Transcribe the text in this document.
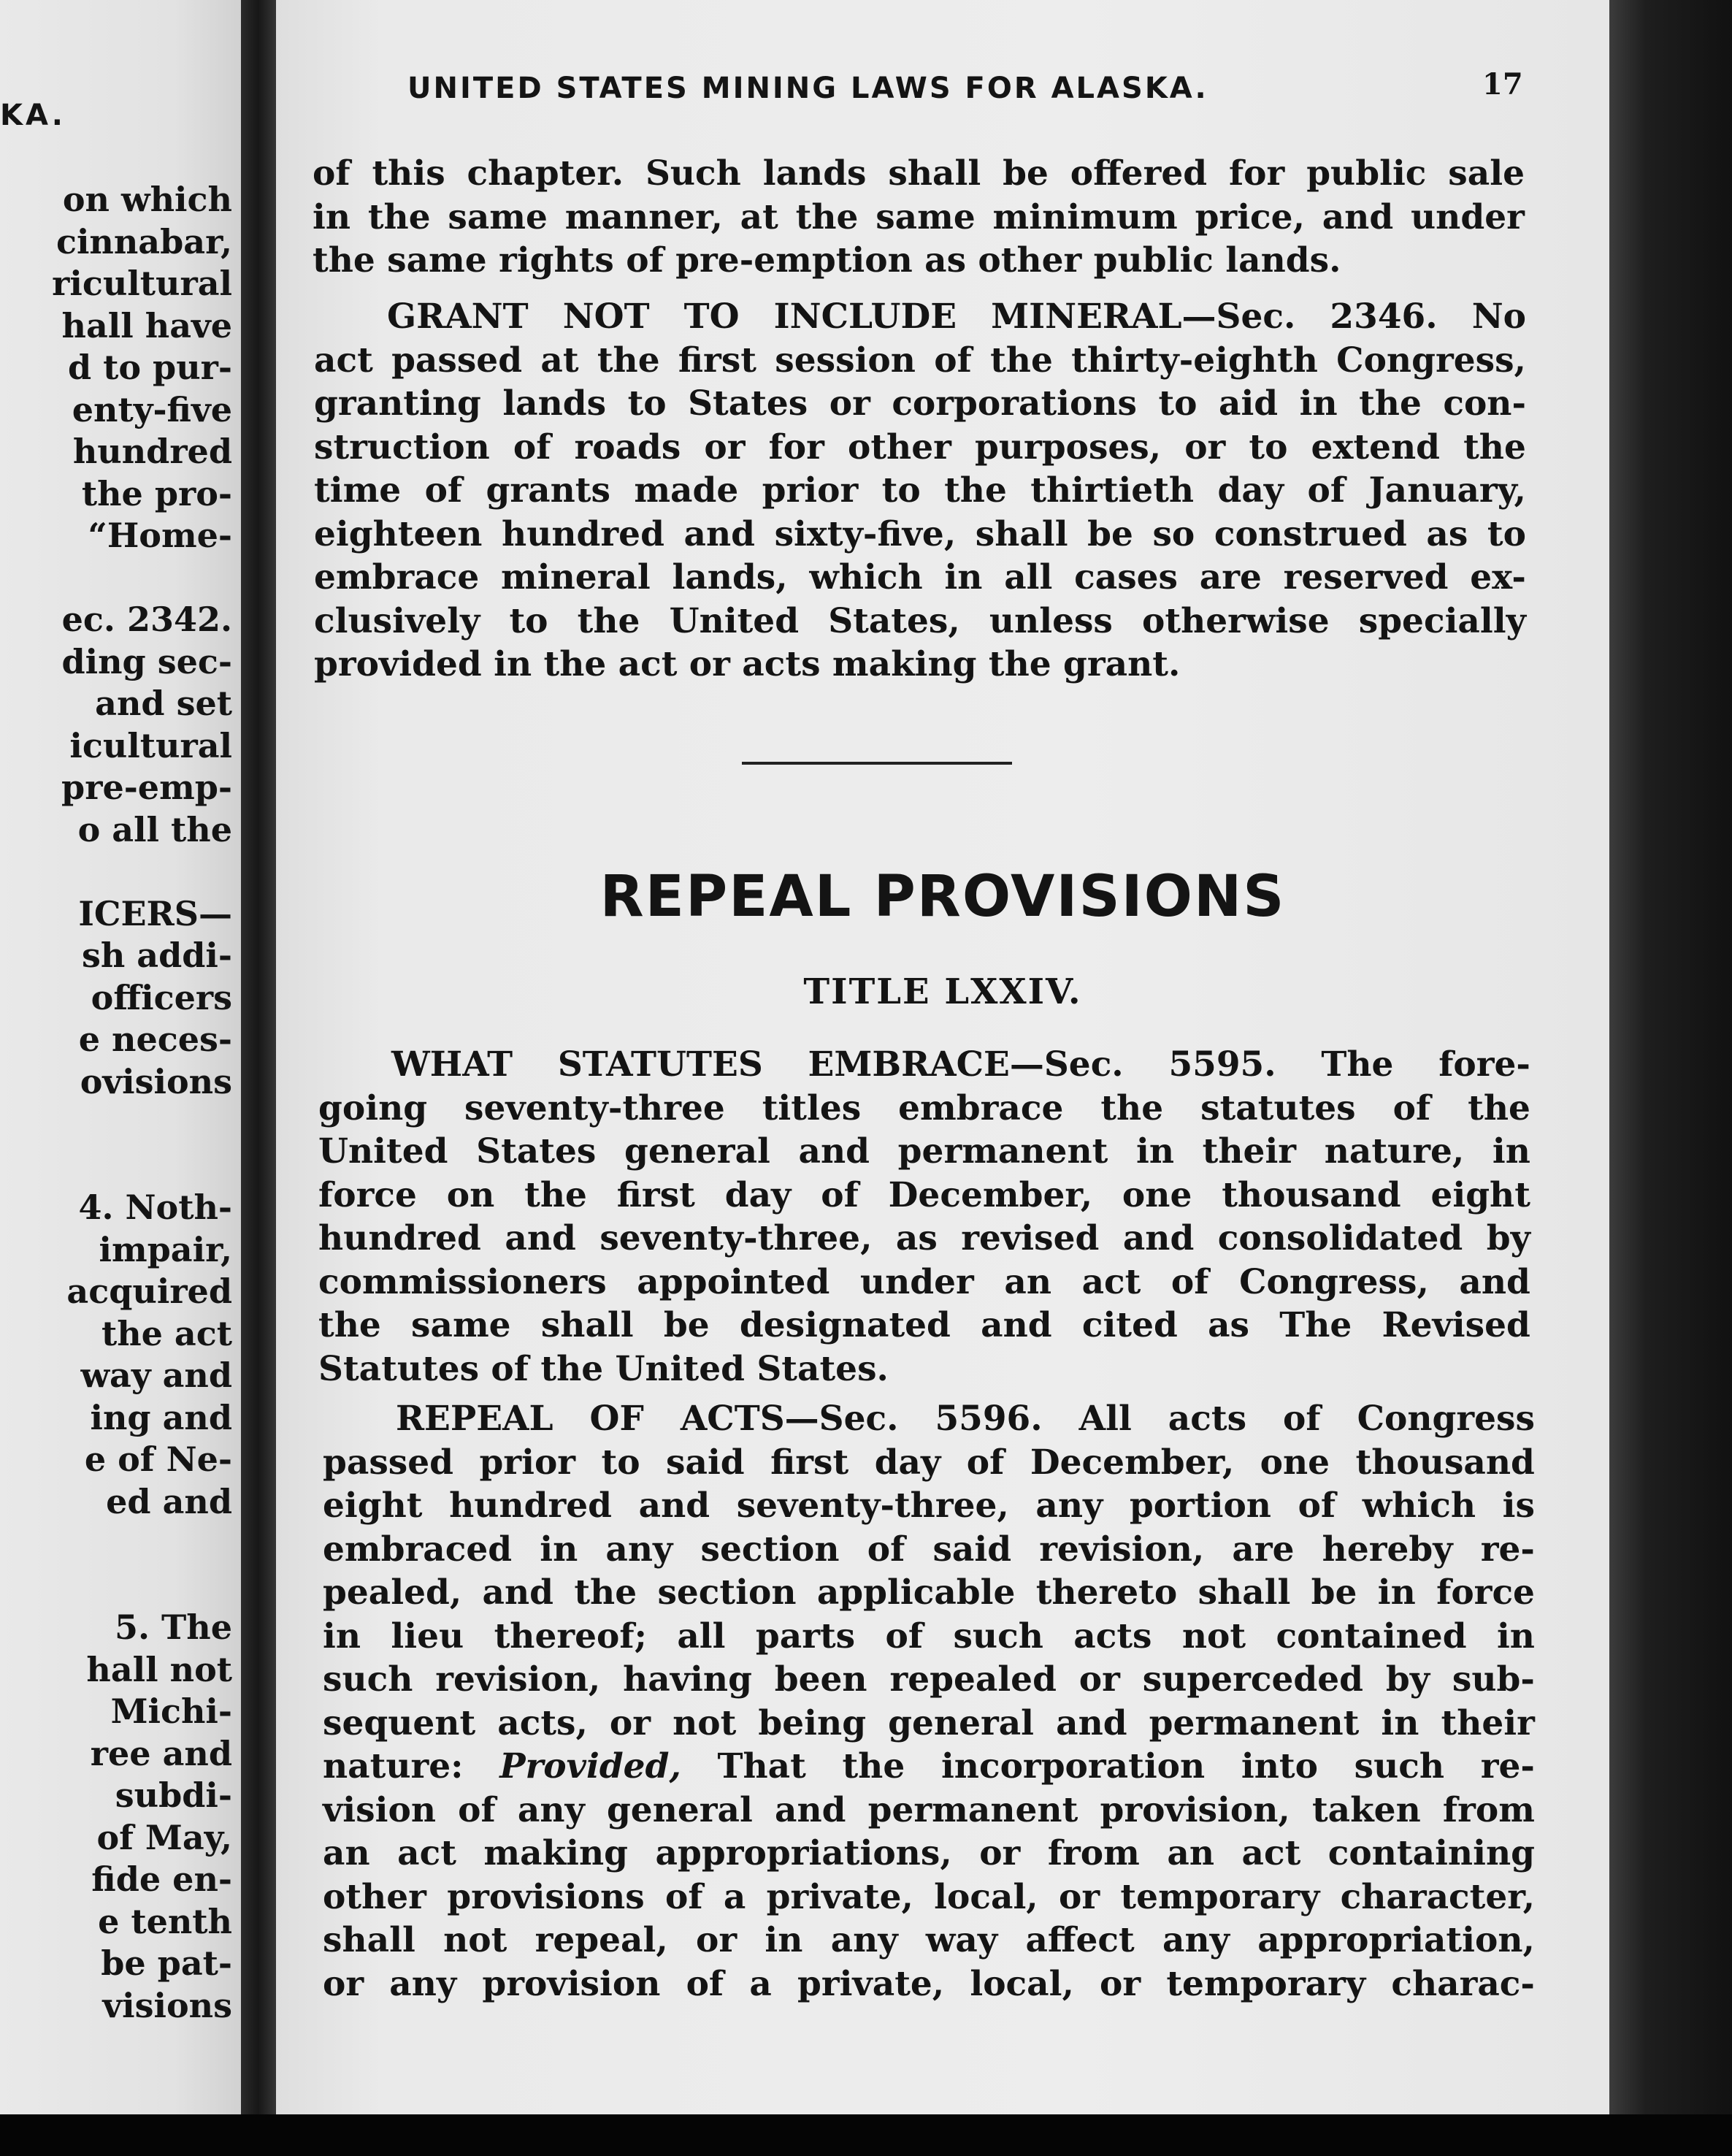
KA.
on which
cinnabar,
ricultural
hall have
d to pur-
enty-five
hundred
the pro-
“Home-
ec. 2342.
ding sec-
and set
icultural
pre-emp-
o all the
ICERS—
sh addi-
officers
e neces-
ovisions
4. Noth-
impair,
acquired
the act
way and
ing and
e of Ne-
ed and
5. The
hall not
Michi-
ree and
subdi-
of May,
fide en-
e tenth
be pat-
visions
UNITED STATES MINING LAWS FOR ALASKA.	17
of this chapter. Such lands shall be offered for public sale
in the same manner, at the same minimum price, and under
the same rights of pre-emption as other public lands.
GRANT NOT TO INCLUDE MINERAL—Sec. 2346. No
act passed at the first session of the thirty-eighth Congress,
granting lands to States or corporations to aid in the con-
struction of roads or for other purposes, or to extend the
time of grants made prior to the thirtieth day of January,
eighteen hundred and sixty-five, shall be so construed as to
embrace mineral lands, which in all cases are reserved ex-
clusively to the United States, unless otherwise specially
provided in the act or acts making the grant.
REPEAL PROVISIONS
TITLE LXXIV.
WHAT STATUTES EMBRACE—Sec. 5595. The fore-
going seventy-three titles embrace the statutes of the
United States general and permanent in their nature, in
force on the first day of December, one thousand eight
hundred and seventy-three, as revised and consolidated by
commissioners appointed under an act of Congress, and
the same shall be designated and cited as The Revised
Statutes of the United States.
REPEAL OF ACTS—Sec. 5596. All acts of Congress
passed prior to said first day of December, one thousand
eight hundred and seventy-three, any portion of which is
embraced in any section of said revision, are hereby re-
pealed, and the section applicable thereto shall be in force
in lieu thereof; all parts of such acts not contained in
such revision, having been repealed or superceded by sub-
sequent acts, or not being general and permanent in their
nature: Provided, That the incorporation into such re-
vision of any general and permanent provision, taken from
an act making appropriations, or from an act containing
other provisions of a private, local, or temporary character,
shall not repeal, or in any way affect any appropriation,
or any provision of a private, local, or temporary charac-
